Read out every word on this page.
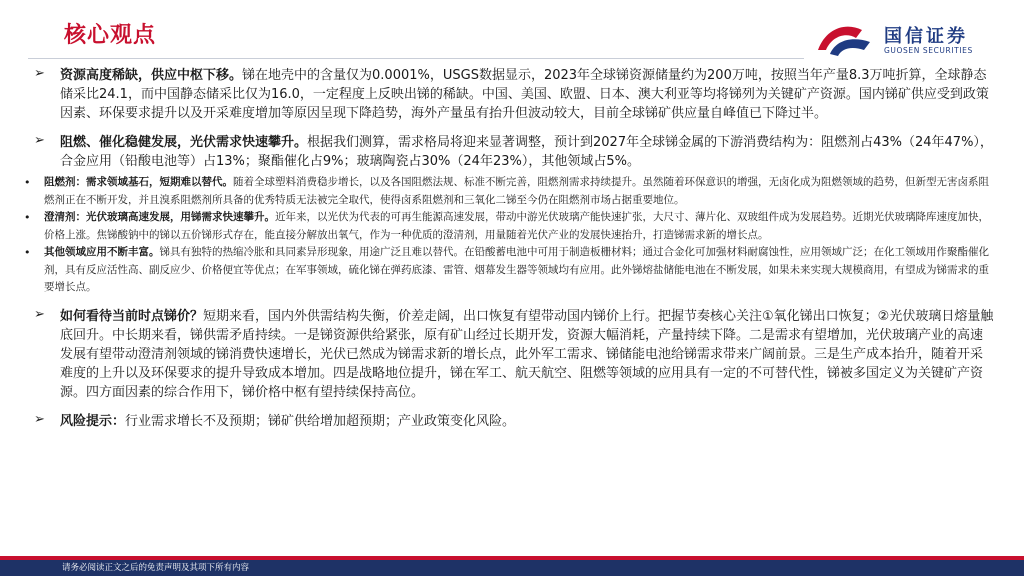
核心观点	国信证券
GUOSEN SECURITIES
➢ 资源高度稀缺，供应中枢下移。锑在地壳中的含量仅为0.0001%，USGS数据显示，2023年全球锑资源储量约为200万吨，按照当年产量8.3万吨折算，全球静态储采比24.1，而中国静态储采比仅为16.0，一定程度上反映出锑的稀缺。中国、美国、欧盟、日本、澳大利亚等均将锑列为关键矿产资源。国内锑矿供应受到政策因素、环保要求提升以及开采难度增加等原因呈现下降趋势，海外产量虽有抬升但波动较大，目前全球锑矿供应量自峰值已下降过半。
➢ 阻燃、催化稳健发展，光伏需求快速攀升。根据我们测算，需求格局将迎来显著调整，预计到2027年全球锑金属的下游消费结构为：阻燃剂占43%（24年47%），合金应用（铅酸电池等）占13%；聚酯催化占9%；玻璃陶瓷占30%（24年23%），其他领域占5%。
• 阻燃剂：需求领域基石，短期难以替代。随着全球塑料消费稳步增长，以及各国阻燃法规、标准不断完善，阻燃剂需求持续提升。虽然随着环保意识的增强，无卤化成为阻燃领域的趋势，但新型无害卤系阻燃剂正在不断开发，并且溴系阻燃剂所具备的优秀特质无法被完全取代，使得卤系阻燃剂和三氧化二锑至今仍在阻燃剂市场占据重要地位。
• 澄清剂：光伏玻璃高速发展，用锑需求快速攀升。近年来，以光伏为代表的可再生能源高速发展，带动中游光伏玻璃产能快速扩张，大尺寸、薄片化、双玻组件成为发展趋势。近期光伏玻璃降库速度加快，价格上涨。焦锑酸钠中的锑以五价锑形式存在，能直接分解放出氧气，作为一种优质的澄清剂，用量随着光伏产业的发展快速抬升，打造锑需求新的增长点。
• 其他领域应用不断丰富。锑具有独特的热缩冷胀和具同素异形现象，用途广泛且难以替代。在铅酸蓄电池中可用于制造板栅材料；通过合金化可加强材料耐腐蚀性，应用领域广泛；在化工领域用作聚酯催化剂，具有反应活性高、副反应少、价格便宜等优点；在军事领域，硫化锑在弹药底漆、雷管、烟幕发生器等领域均有应用。此外锑熔盐储能电池在不断发展，如果未来实现大规模商用，有望成为锑需求的重要增长点。
➢ 如何看待当前时点锑价？短期来看，国内外供需结构失衡，价差走阔，出口恢复有望带动国内锑价上行。把握节奏核心关注①氧化锑出口恢复；②光伏玻璃日熔量触底回升。中长期来看，锑供需矛盾持续。一是锑资源供给紧张，原有矿山经过长期开发，资源大幅消耗，产量持续下降。二是需求有望增加，光伏玻璃产业的高速发展有望带动澄清剂领域的锑消费快速增长，光伏已然成为锑需求新的增长点，此外军工需求、锑储能电池给锑需求带来广阔前景。三是生产成本抬升，随着开采难度的上升以及环保要求的提升导致成本增加。四是战略地位提升，锑在军工、航天航空、阻燃等领域的应用具有一定的不可替代性，锑被多国定义为关键矿产资源。四方面因素的综合作用下，锑价格中枢有望持续保持高位。
➢ 风险提示：行业需求增长不及预期；锑矿供给增加超预期；产业政策变化风险。
请务必阅读正文之后的免责声明及其项下所有内容
